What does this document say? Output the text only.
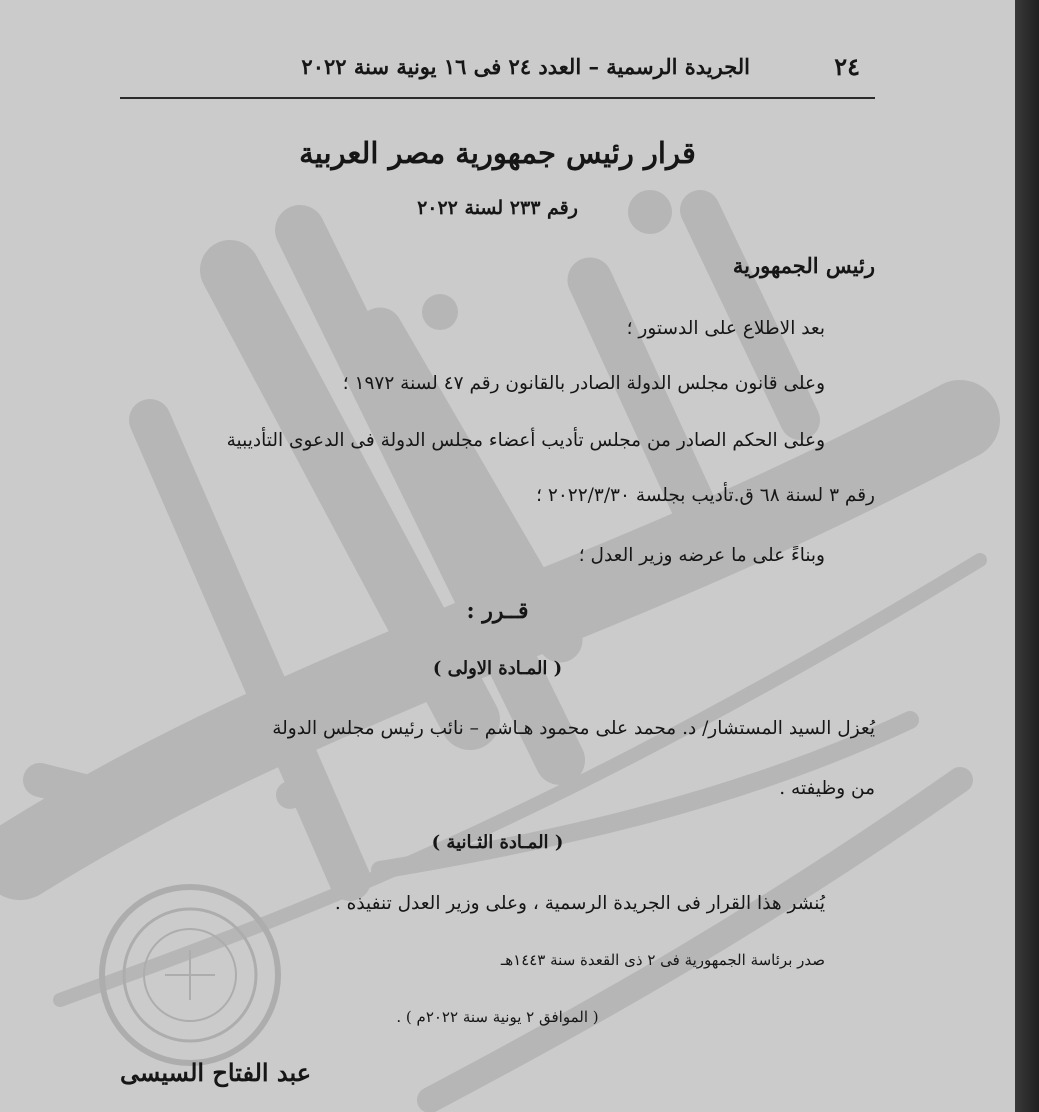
٢٤
الجريدة الرسمية – العدد ٢٤ فى ١٦ يونية سنة ٢٠٢٢
قرار رئيس جمهورية مصر العربية
رقم ٢٣٣ لسنة ٢٠٢٢
رئيس الجمهورية
بعد الاطلاع على الدستور ؛
وعلى قانون مجلس الدولة الصادر بالقانون رقم ٤٧ لسنة ١٩٧٢ ؛
وعلى الحكم الصادر من مجلس تأديب أعضاء مجلس الدولة فى الدعوى التأديبية
رقم ٣ لسنة ٦٨ ق.تأديب بجلسة ٢٠٢٢/٣/٣٠ ؛
وبناءً على ما عرضه وزير العدل ؛
قــرر :
( المـادة الاولى )
يُعزل السيد المستشار/ د. محمد على محمود هـاشم – نائب رئيس مجلس الدولة
من وظيفته .
( المـادة الثـانية )
يُنشر هذا القرار فى الجريدة الرسمية ، وعلى وزير العدل تنفيذه .
صدر برئاسة الجمهورية فى ٢ ذى القعدة سنة ١٤٤٣هـ
( الموافق ٢ يونية سنة ٢٠٢٢م ) .
عبد الفتاح السيسى
